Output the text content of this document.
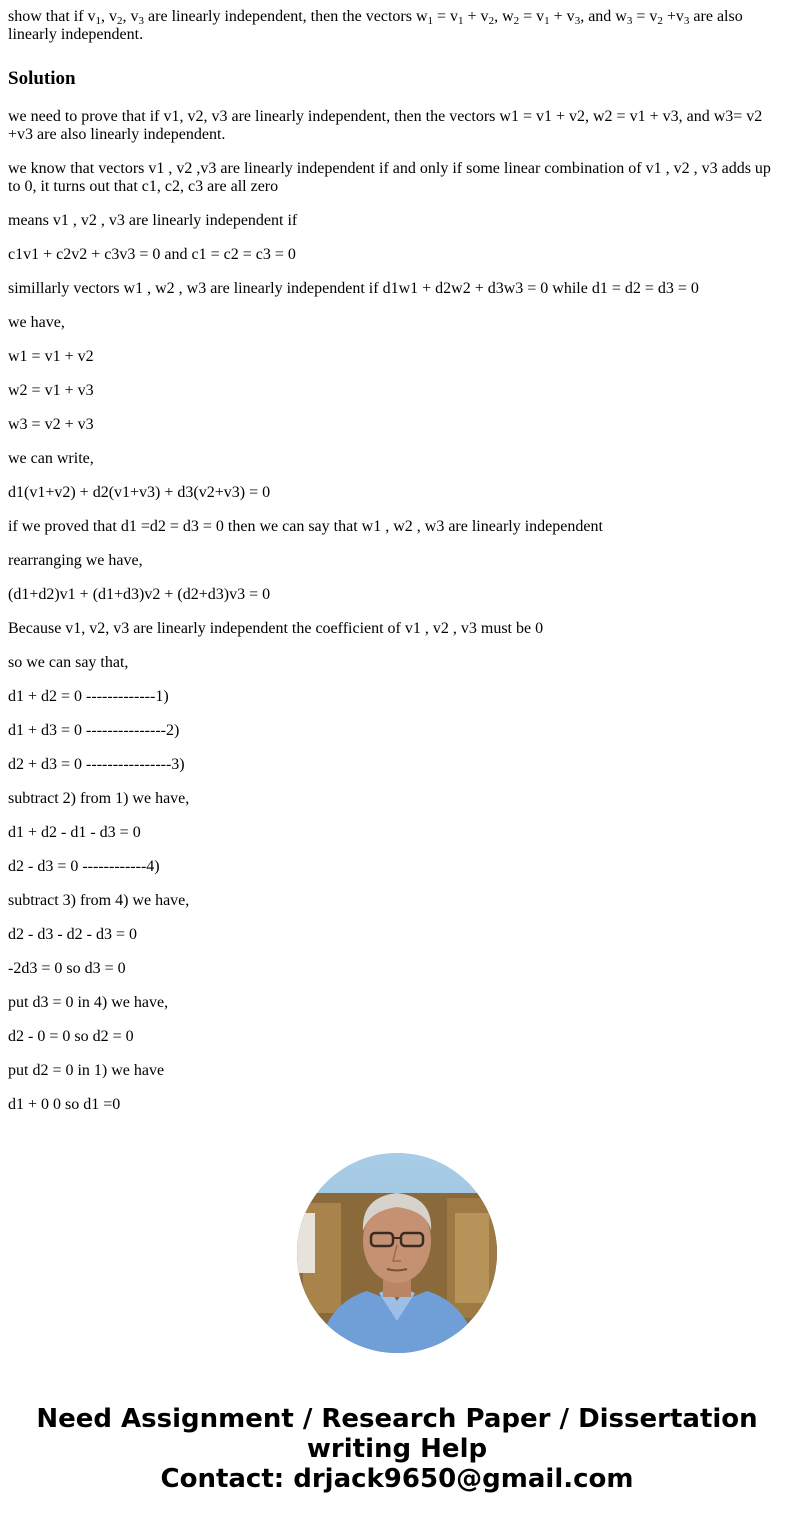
show that if $v_1$, $v_2$, $v_3$ are linearly independent, then the vectors $w_1 = v_1 + v_2$, $w_2 = v_1 + v_3$, and $w_3 = v_2 +v_3$ are also linearly independent.

Solution

we need to prove that if v1, v2, v3 are linearly independent, then the vectors w1 = v1 + v2, w2 = v1 + v3, and w3= v2 +v3 are also linearly independent.

we know that vectors v1 , v2 ,v3 are linearly independent if and only if some linear combination of v1 , v2 , v3 adds up to 0, it turns out that c1, c2, c3 are all zero

means v1 , v2 , v3 are linearly independent if

c1v1 + c2v2 + c3v3 = 0 and c1 = c2 = c3 = 0

simillarly vectors w1 , w2 , w3 are linearly independent if d1w1 + d2w2 + d3w3 = 0 while d1 = d2 = d3 = 0

we have,

w1 = v1 + v2

w2 = v1 + v3

w3 = v2 + v3

we can write,

d1(v1+v2) + d2(v1+v3) + d3(v2+v3) = 0

if we proved that d1 =d2 = d3 = 0 then we can say that w1 , w2 , w3 are linearly independent

rearranging we have,

(d1+d2)v1 + (d1+d3)v2 + (d2+d3)v3 = 0

Because v1, v2, v3 are linearly independent the coefficient of v1 , v2 , v3 must be 0

so we can say that,

d1 + d2 = 0 -------------1)

d1 + d3 = 0 ---------------2)

d2 + d3 = 0 ----------------3)

subtract 2) from 1) we have,

d1 + d2 - d1 - d3 = 0

d2 - d3 = 0 ------------4)

subtract 3) from 4) we have,

d2 - d3 - d2 - d3 = 0

-2d3 = 0 so d3 = 0

put d3 = 0 in 4) we have,

d2 - 0 = 0 so d2 = 0

put d2 = 0 in 1) we have

d1 + 0 0 so d1 =0

Need Assignment / Research Paper / Dissertation
writing Help
Contact: drjack9650@gmail.com
